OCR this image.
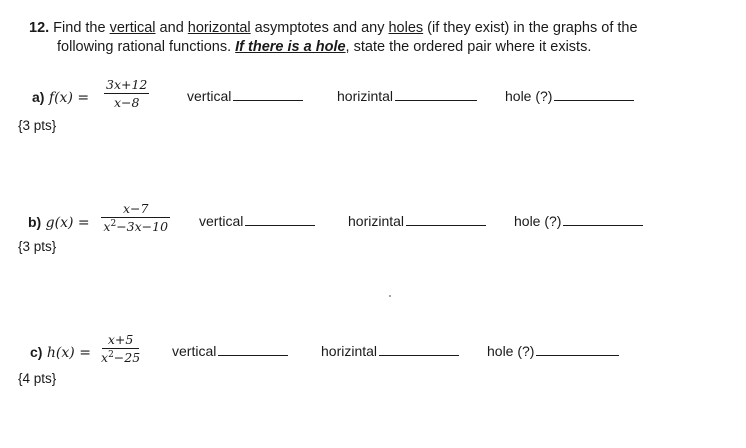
12. Find the vertical and horizontal asymptotes and any holes (if they exist) in the graphs of the
following rational functions. If there is a hole, state the ordered pair where it exists.
a) $f(x) = \frac{3x+12}{x-8}$
{3 pts}
vertical	horizintal	hole (?)
b) $g(x) = \frac{x-7}{x^2-3x-10}$
{3 pts}
vertical	horizintal	hole (?)
c) $h(x) = \frac{x+5}{x^2-25}$
{4 pts}
vertical	horizintal	hole (?)
